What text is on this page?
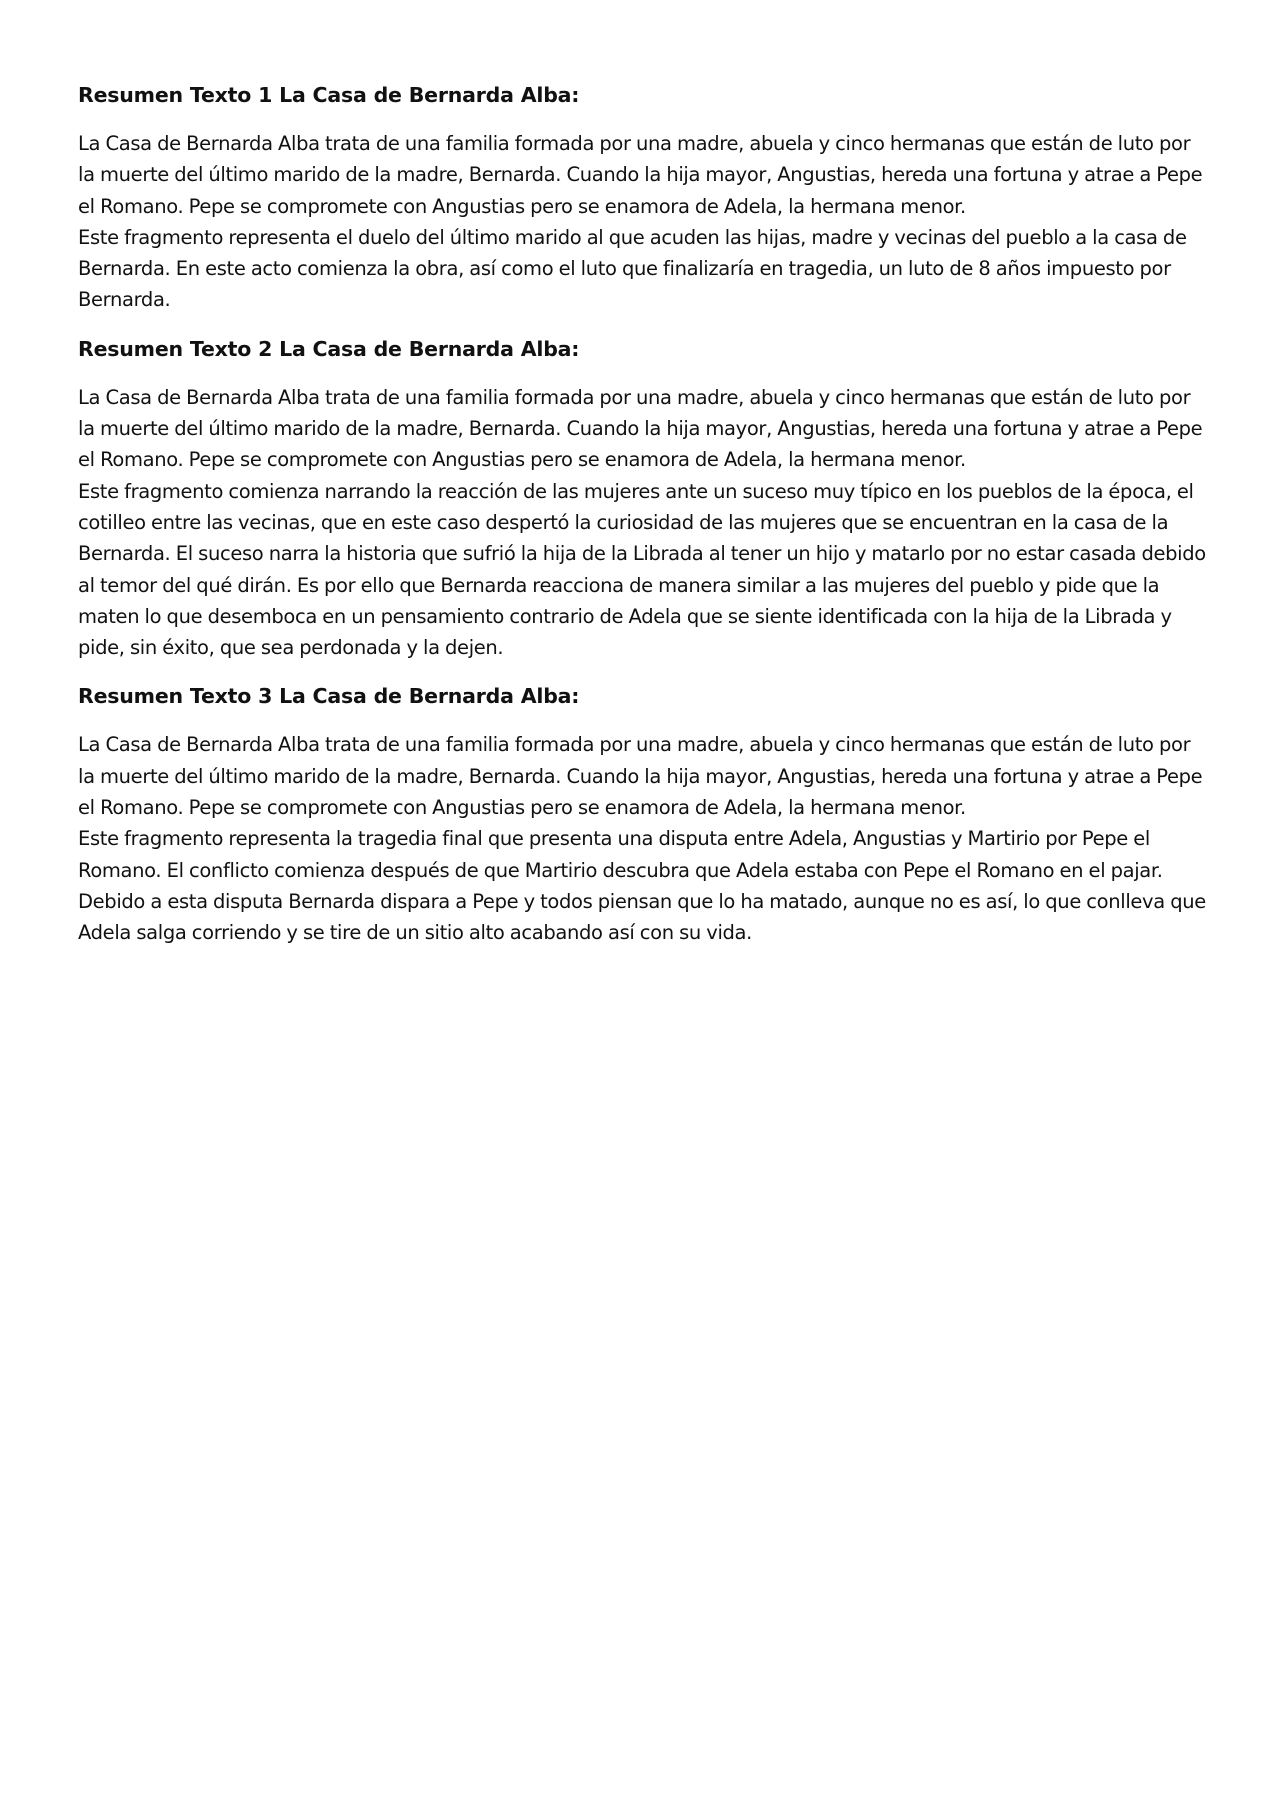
Resumen Texto 1 La Casa de Bernarda Alba:

La Casa de Bernarda Alba trata de una familia formada por una madre, abuela y cinco hermanas que están de luto por la muerte del último marido de la madre, Bernarda. Cuando la hija mayor, Angustias, hereda una fortuna y atrae a Pepe el Romano. Pepe se compromete con Angustias pero se enamora de Adela, la hermana menor.

Este fragmento representa el duelo del último marido al que acuden las hijas, madre y vecinas del pueblo a la casa de Bernarda. En este acto comienza la obra, así como el luto que finalizaría en tragedia, un luto de 8 años impuesto por Bernarda.

Resumen Texto 2 La Casa de Bernarda Alba:

La Casa de Bernarda Alba trata de una familia formada por una madre, abuela y cinco hermanas que están de luto por la muerte del último marido de la madre, Bernarda. Cuando la hija mayor, Angustias, hereda una fortuna y atrae a Pepe el Romano. Pepe se compromete con Angustias pero se enamora de Adela, la hermana menor.

Este fragmento comienza narrando la reacción de las mujeres ante un suceso muy típico en los pueblos de la época, el cotilleo entre las vecinas, que en este caso despertó la curiosidad de las mujeres que se encuentran en la casa de la Bernarda. El suceso narra la historia que sufrió la hija de la Librada al tener un hijo y matarlo por no estar casada debido al temor del qué dirán. Es por ello que Bernarda reacciona de manera similar a las mujeres del pueblo y pide que la maten lo que desemboca en un pensamiento contrario de Adela que se siente identificada con la hija de la Librada y pide, sin éxito, que sea perdonada y la dejen.

Resumen Texto 3 La Casa de Bernarda Alba:

La Casa de Bernarda Alba trata de una familia formada por una madre, abuela y cinco hermanas que están de luto por la muerte del último marido de la madre, Bernarda. Cuando la hija mayor, Angustias, hereda una fortuna y atrae a Pepe el Romano. Pepe se compromete con Angustias pero se enamora de Adela, la hermana menor.

Este fragmento representa la tragedia final que presenta una disputa entre Adela, Angustias y Martirio por Pepe el Romano. El conflicto comienza después de que Martirio descubra que Adela estaba con Pepe el Romano en el pajar. Debido a esta disputa Bernarda dispara a Pepe y todos piensan que lo ha matado, aunque no es así, lo que conlleva que Adela salga corriendo y se tire de un sitio alto acabando así con su vida.
